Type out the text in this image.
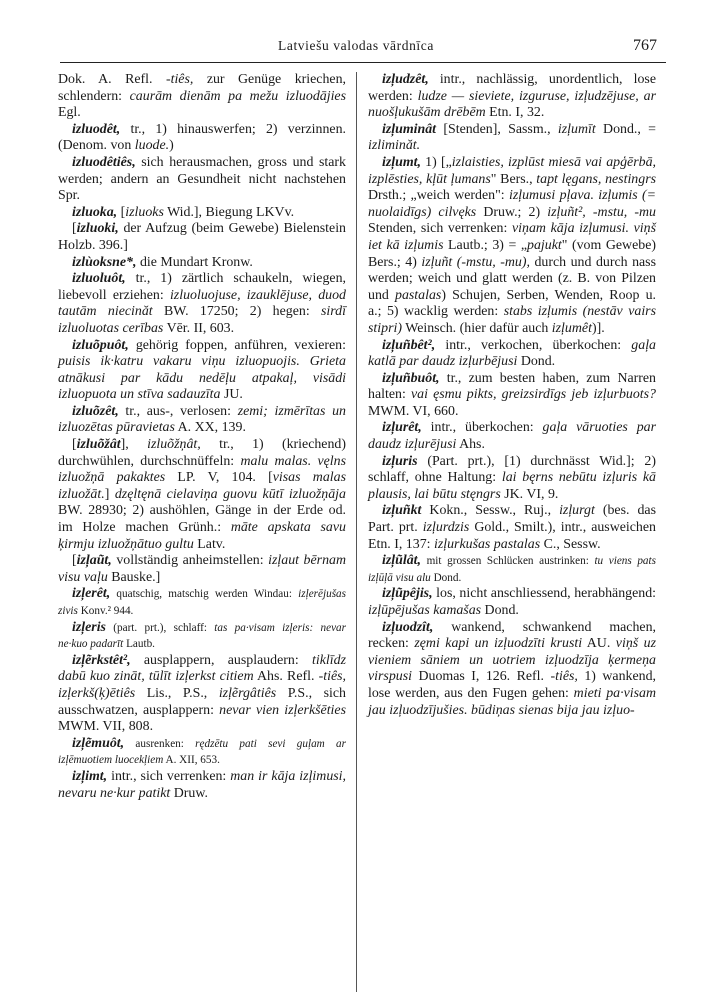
Latviešu valodas vārdnīca	767

Dok. A. Refl. -tiês, zur Genüge kriechen, schlendern: caurām dienām pa mežu izluodājies Egl.

izluodêt, tr., 1) hinauswerfen; 2) verzinnen. (Denom. von luode.)

izluodêtiês, sich herausmachen, gross und stark werden; andern an Gesundheit nicht nachstehen Spr.

izluoka, [izluoks Wid.], Biegung LKVv.

[izluoki, der Aufzug (beim Gewebe) Bielenstein Holzb. 396.]

izlùoksne*, die Mundart Kronw.

izluoluôt, tr., 1) zärtlich schaukeln, wiegen, liebevoll erziehen: izluoluojuse, izauklējuse, duod tautām niecinăt BW. 17250; 2) hegen: sirdī izluoluotas cerības Vēr. II, 603.

izluõpuôt, gehörig foppen, anführen, vexieren: puisis ik·katru vakaru viņu izluopuojis. Grieta atnākusi par kādu nedēļu atpakaļ, visādi izluopuota un stīva sadauzīta JU.

izluõzêt, tr., aus-, verlosen: zemi; izmērītas un izluozētas pūravietas A. XX, 139.

[izluõžât], izluõžņât, tr., 1) (kriechend) durchwühlen, durchschnüffeln: malu malas. vęlns izluožņā pakaktes LP. V, 104. [visas malas izluožāt.] dzęltęnā cielaviņa guovu kūtī izluožņāja BW. 28930; 2) aushöhlen, Gänge in der Erde od. im Holze machen Grünh.: māte apskata savu ķirmju izluožņātuo gultu Latv.

[izļaũt, vollständig anheimstellen: izļaut bērnam visu vaļu Bauske.]

izļerêt, quatschig, matschig werden Windau: izļerējušas zivis Konv.² 944.

izļeris (part. prt.), schlaff: tas pa·visam izļeris: nevar ne·kuo padarīt Lautb.

izļẽrkstêt², ausplappern, ausplaudern: tiklīdz dabū kuo zināt, tūlīt izļerkst citiem Ahs. Refl. -tiês, izļerkš(ķ)ētiês Lis., P.S., izļẽrgâtiês P.S., sich ausschwatzen, ausplappern: nevar vien izļerkšēties MWM. VII, 808.

izļẽmuôt, ausrenken: rędzētu pati sevi guļam ar izļēmuotiem luocekļiem A. XII, 653.

izļimt, intr., sich verrenken: man ir kāja izļimusi, nevaru ne·kur patikt Druw.

izļudzêt, intr., nachlässig, unordentlich, lose werden: ludze — sieviete, izguruse, izļudzējuse, ar nuošļukušām drēbēm Etn. I, 32.

izļuminât [Stenden], Sassm., izļumīt Dond., = izliminăt.

izļumt, 1) [„izlaisties, izplūst miesā vai apģērbā, izplēsties, kļūt ļumans" Bers., tapt lęgans, nestingrs Drsth.; „weich werden": izļumusi pļava. izļumis (= nuolaidīgs) cilvęks Druw.; 2) izļuñt², -mstu, -mu Stenden, sich verrenken: viņam kāja izļumusi. viņš iet kā izļumis Lautb.; 3) = „pajukt" (vom Gewebe) Bers.; 4) izļuñt (-mstu, -mu), durch und durch nass werden; weich und glatt werden (z. B. von Pilzen und pastalas) Schujen, Serben, Wenden, Roop u. a.; 5) wacklig werden: stabs izļumis (nestāv vairs stipri) Weinsch. (hier dafür auch izļumêt)].

izļuñbêt², intr., verkochen, überkochen: gaļa katlā par daudz izļurbējusi Dond.

izļuñbuôt, tr., zum besten haben, zum Narren halten: vai ęsmu pikts, greizsirdīgs jeb izļurbuots? MWM. VI, 660.

izļurêt, intr., überkochen: gaļa vāruoties par daudz izļurējusi Ahs.

izļuris (Part. prt.), [1) durchnässt Wid.]; 2) schlaff, ohne Haltung: lai bęrns nebūtu izļuris kā plausis, lai būtu stęngrs JK. VI, 9.

izļuñkt Kokn., Sessw., Ruj., izļurgt (bes. das Part. prt. izļurdzis Gold., Smilt.), intr., ausweichen Etn. I, 137: izļurkušas pastalas C., Sessw.

izļũlât, mit grossen Schlücken austrinken: tu viens pats izļūļā visu alu Dond.

izļũpêjis, los, nicht anschliessend, herabhängend: izļūpējušas kamašas Dond.

izļuodzît, wankend, schwankend machen, recken: zęmi kapi un izļuodzīti krusti AU. viņš uz vieniem sāniem un uotriem izļuodzīja ķermeņa virspusi Duomas I, 126. Refl. -tiês, 1) wankend, lose werden, aus den Fugen gehen: mieti pa·visam jau izļuodzījušies. būdiņas sienas bija jau izļuo-
